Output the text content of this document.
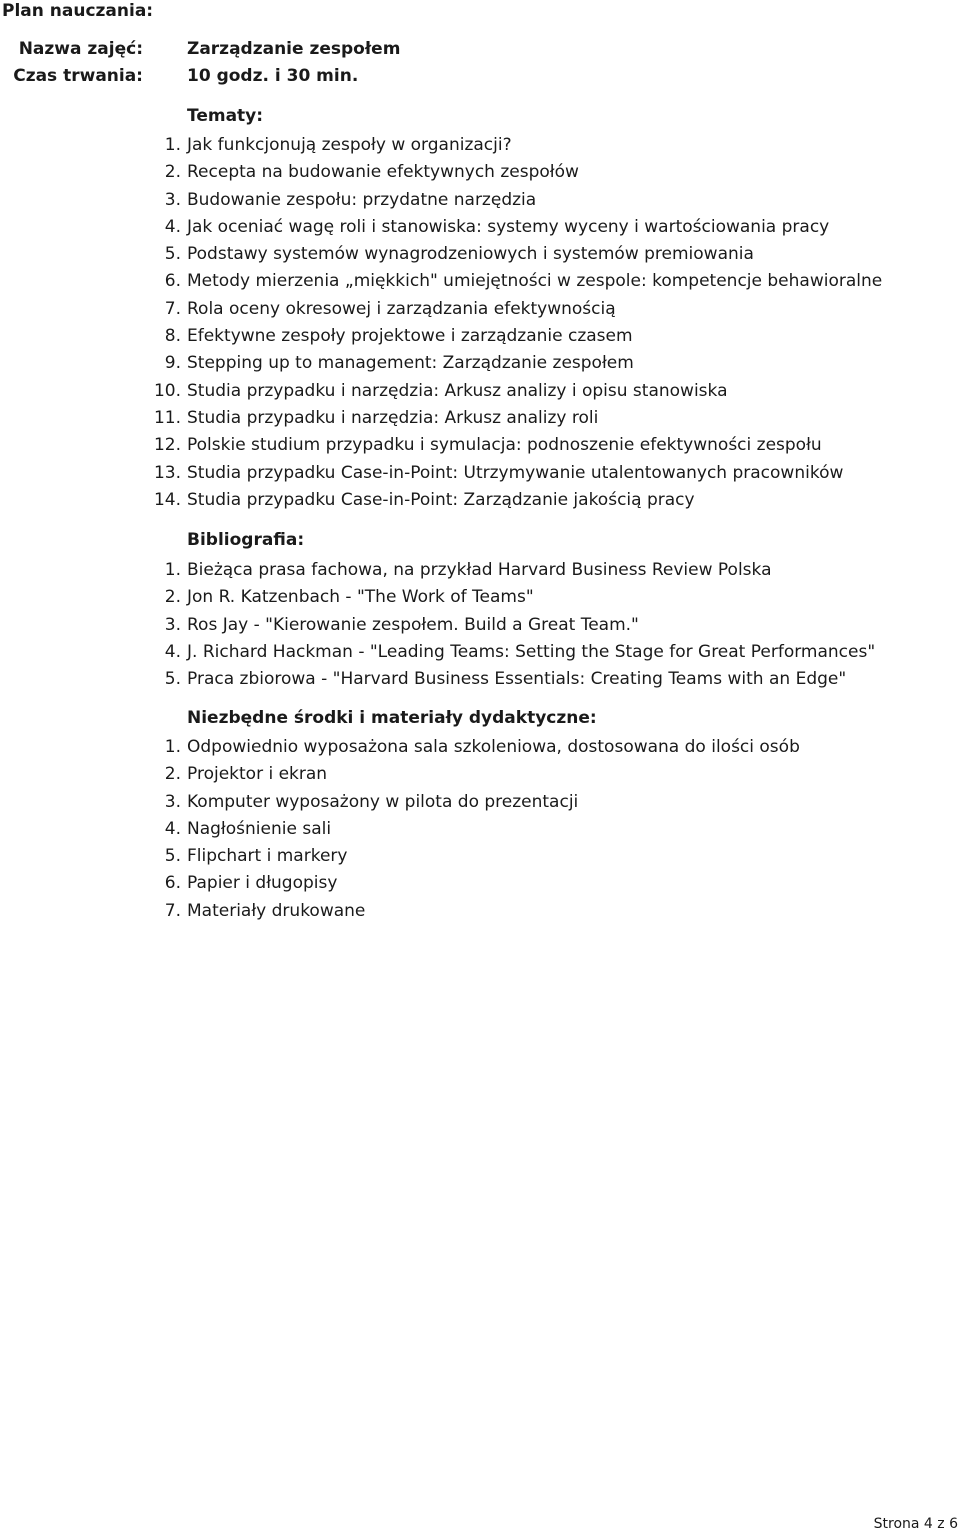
Plan nauczania:
Nazwa zajęć:	Zarządzanie zespołem
Czas trwania:	10 godz. i 30 min.
Tematy:
1. Jak funkcjonują zespoły w organizacji?
2. Recepta na budowanie efektywnych zespołów
3. Budowanie zespołu: przydatne narzędzia
4. Jak oceniać wagę roli i stanowiska: systemy wyceny i wartościowania pracy
5. Podstawy systemów wynagrodzeniowych i systemów premiowania
6. Metody mierzenia „miękkich" umiejętności w zespole: kompetencje behawioralne
7. Rola oceny okresowej i zarządzania efektywnością
8. Efektywne zespoły projektowe i zarządzanie czasem
9. Stepping up to management: Zarządzanie zespołem
10. Studia przypadku i narzędzia: Arkusz analizy i opisu stanowiska
11. Studia przypadku i narzędzia: Arkusz analizy roli
12. Polskie studium przypadku i symulacja: podnoszenie efektywności zespołu
13. Studia przypadku Case-in-Point: Utrzymywanie utalentowanych pracowników
14. Studia przypadku Case-in-Point: Zarządzanie jakością pracy
Bibliografia:
1. Bieżąca prasa fachowa, na przykład Harvard Business Review Polska
2. Jon R. Katzenbach - "The Work of Teams"
3. Ros Jay - "Kierowanie zespołem. Build a Great Team."
4. J. Richard Hackman - "Leading Teams: Setting the Stage for Great Performances"
5. Praca zbiorowa - "Harvard Business Essentials: Creating Teams with an Edge"
Niezbędne środki i materiały dydaktyczne:
1. Odpowiednio wyposażona sala szkoleniowa, dostosowana do ilości osób
2. Projektor i ekran
3. Komputer wyposażony w pilota do prezentacji
4. Nagłośnienie sali
5. Flipchart i markery
6. Papier i długopisy
7. Materiały drukowane
Strona 4 z 6
